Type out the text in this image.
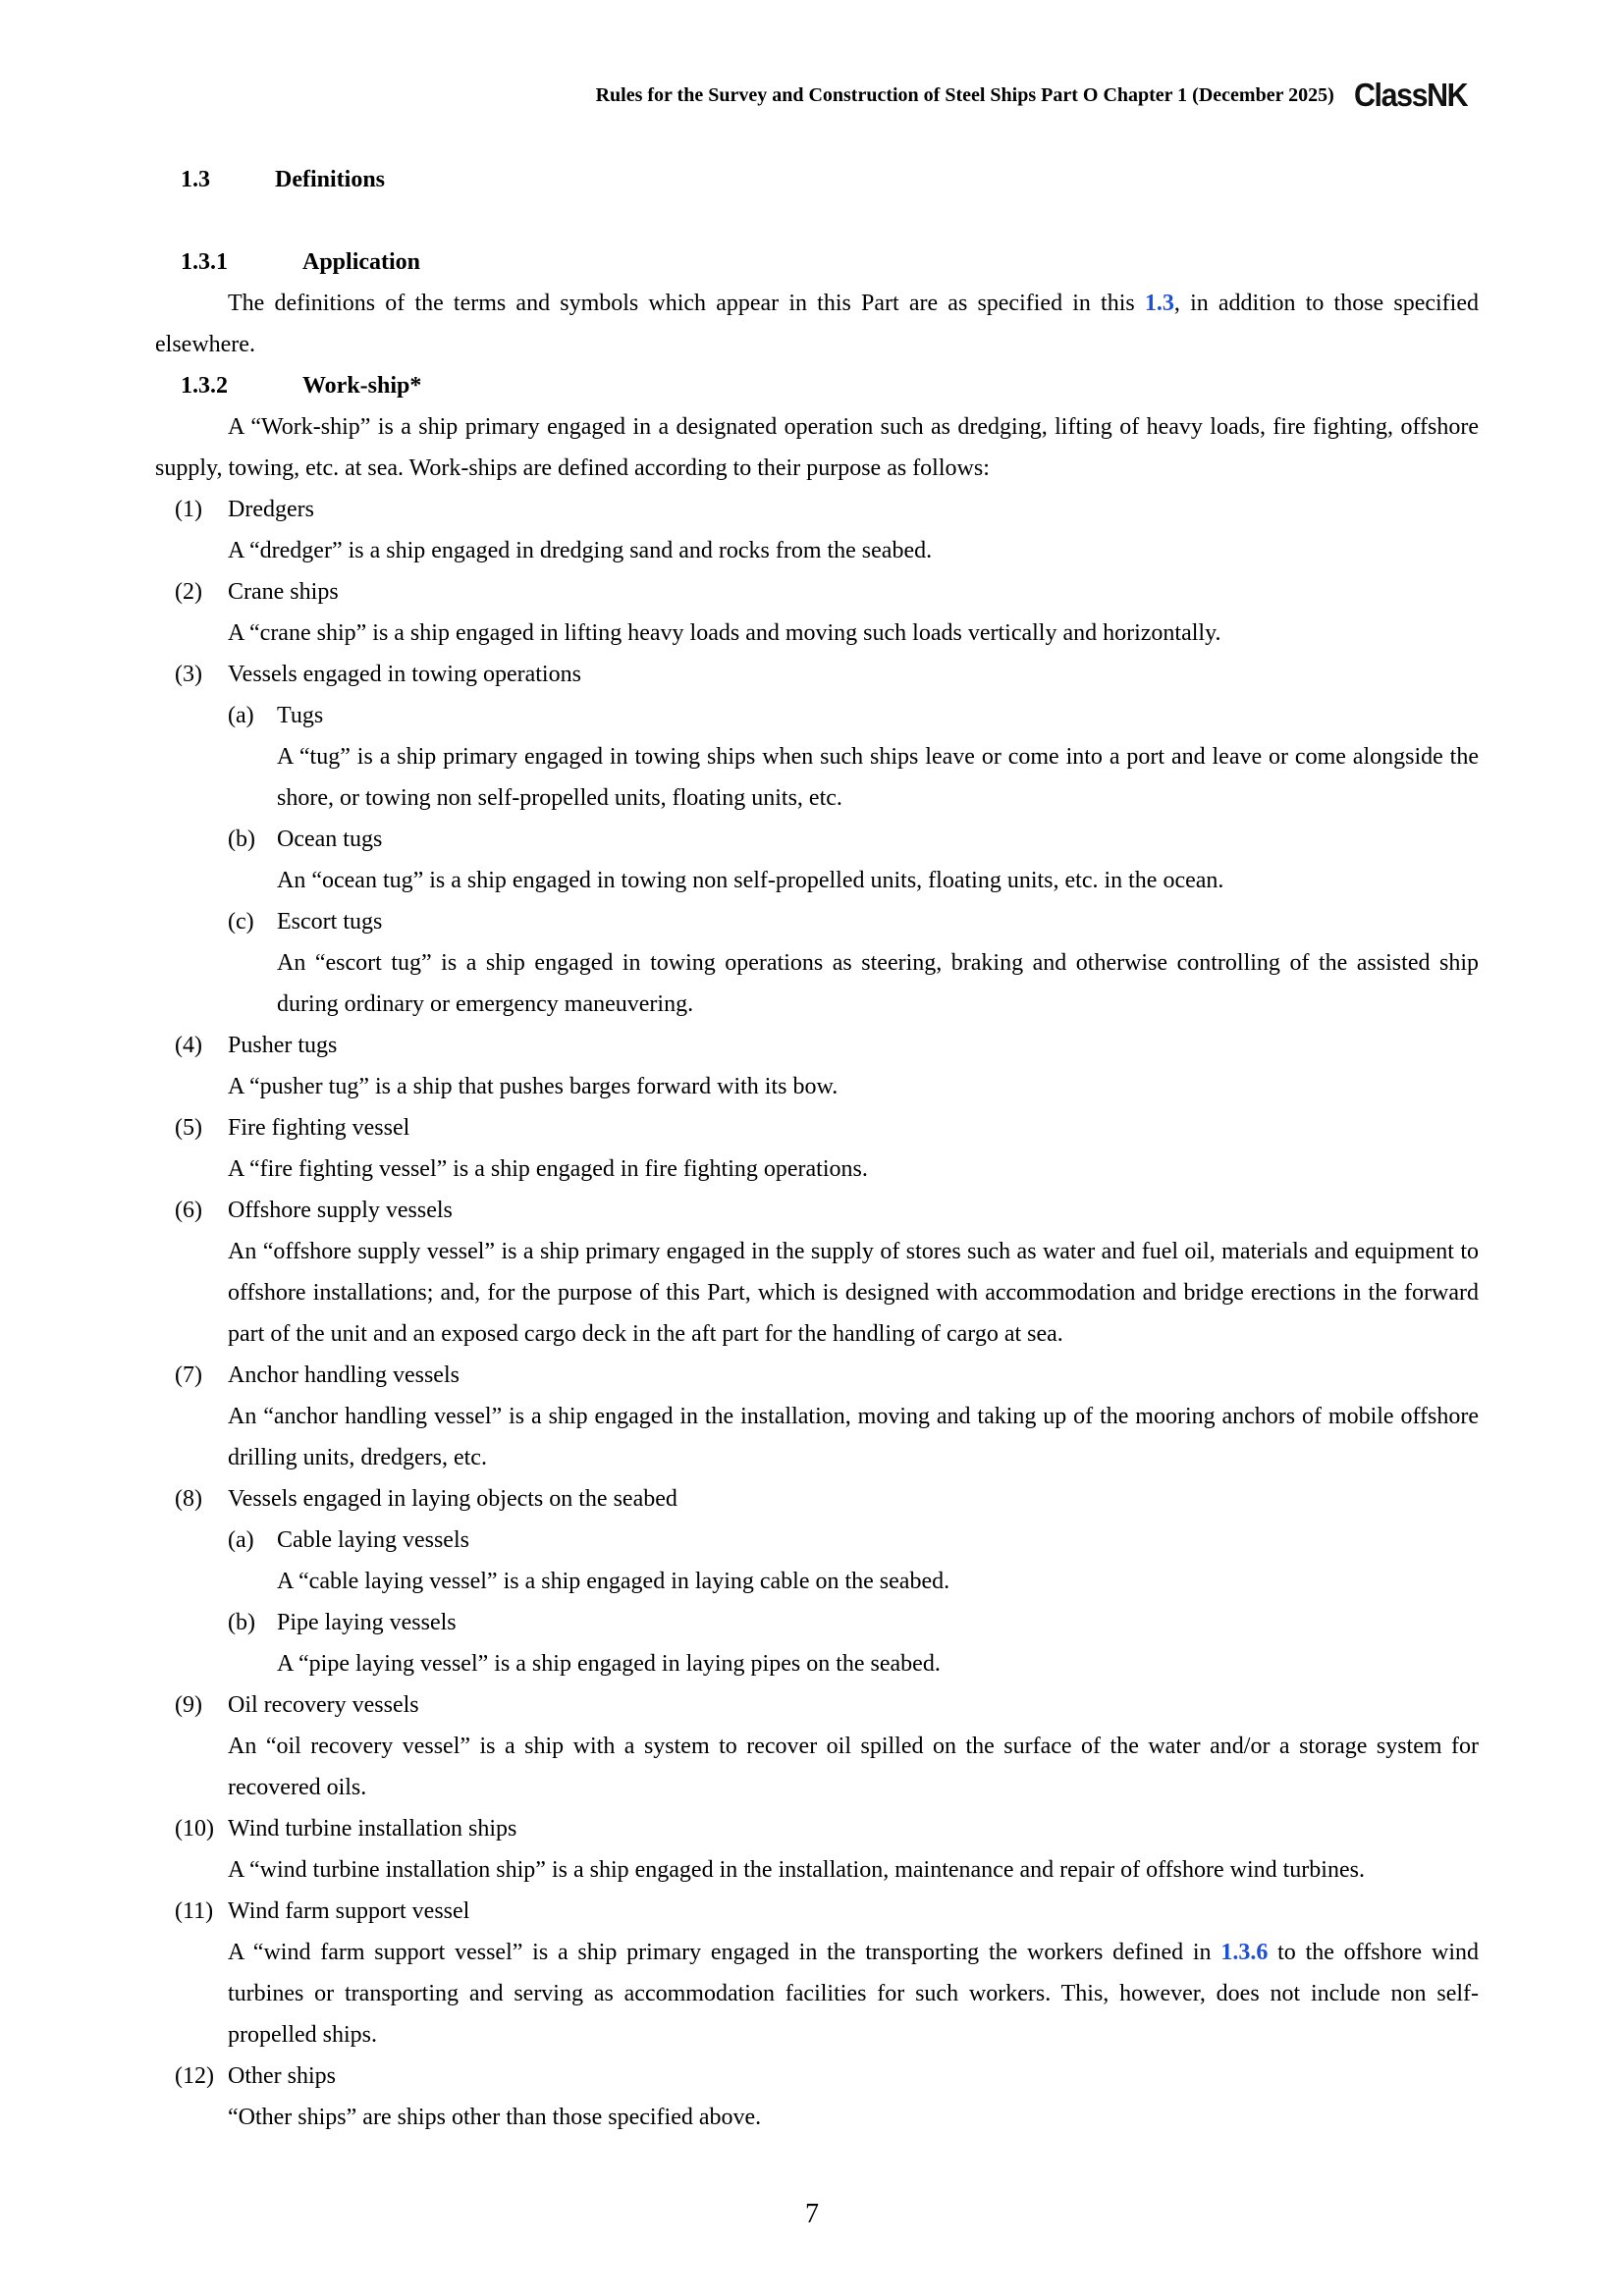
Rules for the Survey and Construction of Steel Ships Part O Chapter 1 (December 2025) ClassNK

1.3	Definitions

1.3.1	Application

The definitions of the terms and symbols which appear in this Part are as specified in this 1.3, in addition to those specified elsewhere.

1.3.2	Work-ship*

A “Work-ship” is a ship primary engaged in a designated operation such as dredging, lifting of heavy loads, fire fighting, offshore supply, towing, etc. at sea. Work-ships are defined according to their purpose as follows:

(1) Dredgers

A “dredger” is a ship engaged in dredging sand and rocks from the seabed.

(2) Crane ships

A “crane ship” is a ship engaged in lifting heavy loads and moving such loads vertically and horizontally.

(3) Vessels engaged in towing operations

(a) Tugs

A “tug” is a ship primary engaged in towing ships when such ships leave or come into a port and leave or come alongside the shore, or towing non self-propelled units, floating units, etc.

(b) Ocean tugs

An “ocean tug” is a ship engaged in towing non self-propelled units, floating units, etc. in the ocean.

(c) Escort tugs

An “escort tug” is a ship engaged in towing operations as steering, braking and otherwise controlling of the assisted ship during ordinary or emergency maneuvering.

(4) Pusher tugs

A “pusher tug” is a ship that pushes barges forward with its bow.

(5) Fire fighting vessel

A “fire fighting vessel” is a ship engaged in fire fighting operations.

(6) Offshore supply vessels

An “offshore supply vessel” is a ship primary engaged in the supply of stores such as water and fuel oil, materials and equipment to offshore installations; and, for the purpose of this Part, which is designed with accommodation and bridge erections in the forward part of the unit and an exposed cargo deck in the aft part for the handling of cargo at sea.

(7) Anchor handling vessels

An “anchor handling vessel” is a ship engaged in the installation, moving and taking up of the mooring anchors of mobile offshore drilling units, dredgers, etc.

(8) Vessels engaged in laying objects on the seabed

(a) Cable laying vessels

A “cable laying vessel” is a ship engaged in laying cable on the seabed.

(b) Pipe laying vessels

A “pipe laying vessel” is a ship engaged in laying pipes on the seabed.

(9) Oil recovery vessels

An “oil recovery vessel” is a ship with a system to recover oil spilled on the surface of the water and/or a storage system for recovered oils.

(10) Wind turbine installation ships

A “wind turbine installation ship” is a ship engaged in the installation, maintenance and repair of offshore wind turbines.

(11) Wind farm support vessel

A “wind farm support vessel” is a ship primary engaged in the transporting the workers defined in 1.3.6 to the offshore wind turbines or transporting and serving as accommodation facilities for such workers. This, however, does not include non self-propelled ships.

(12) Other ships

“Other ships” are ships other than those specified above.

7
